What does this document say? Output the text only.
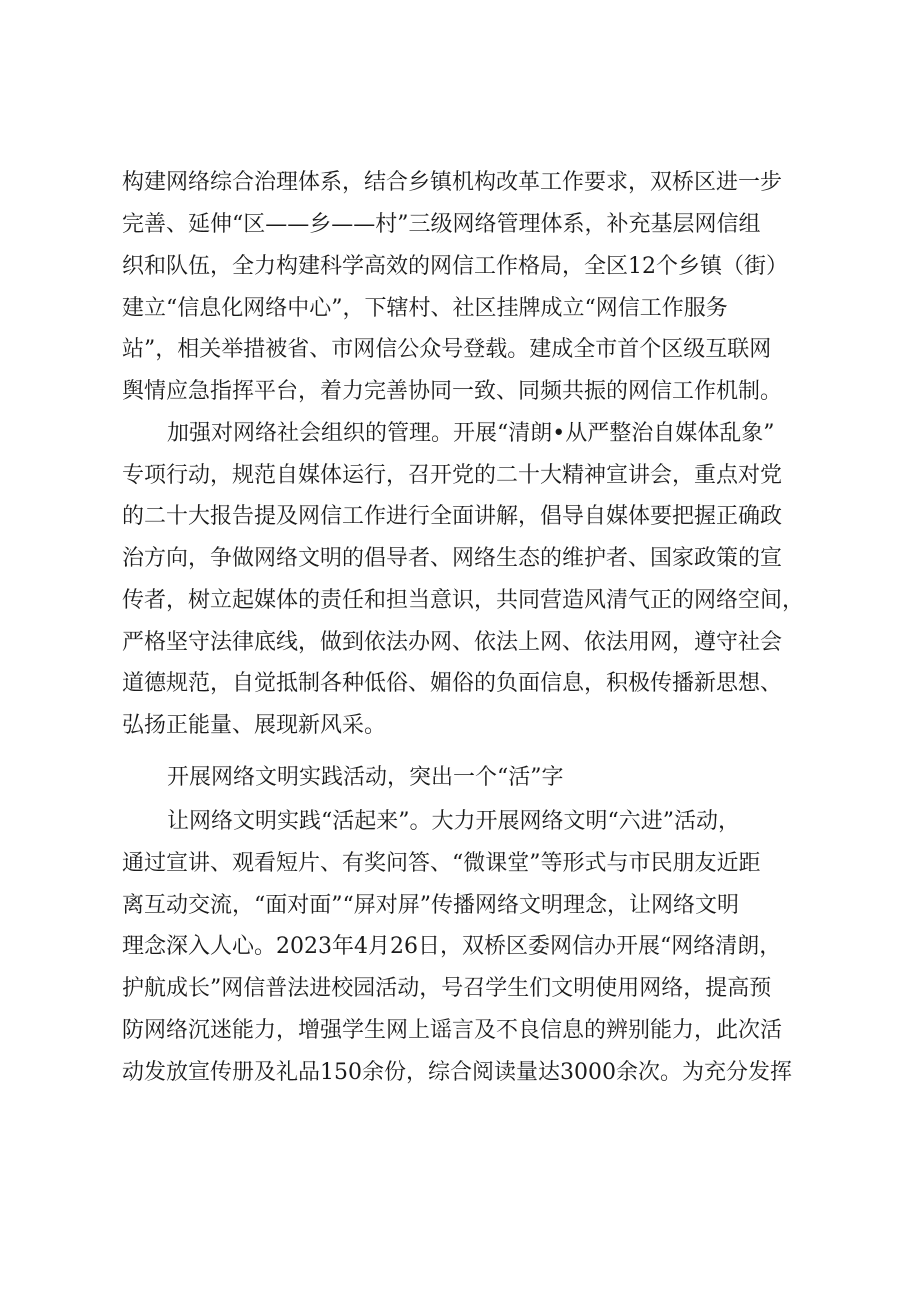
构建网络综合治理体系，结合乡镇机构改革工作要求，双桥区进一步
完善、延伸“区——乡——村”三级网络管理体系，补充基层网信组
织和队伍，全力构建科学高效的网信工作格局，全区12个乡镇（街）
建立“信息化网络中心”，下辖村、社区挂牌成立“网信工作服务
站”，相关举措被省、市网信公众号登载。建成全市首个区级互联网
舆情应急指挥平台，着力完善协同一致、同频共振的网信工作机制。
加强对网络社会组织的管理。开展“清朗•从严整治自媒体乱象”
专项行动，规范自媒体运行，召开党的二十大精神宣讲会，重点对党
的二十大报告提及网信工作进行全面讲解，倡导自媒体要把握正确政
治方向，争做网络文明的倡导者、网络生态的维护者、国家政策的宣
传者，树立起媒体的责任和担当意识，共同营造风清气正的网络空间，
严格坚守法律底线，做到依法办网、依法上网、依法用网，遵守社会
道德规范，自觉抵制各种低俗、媚俗的负面信息，积极传播新思想、
弘扬正能量、展现新风采。
开展网络文明实践活动，突出一个“活”字
让网络文明实践“活起来”。大力开展网络文明“六进”活动，
通过宣讲、观看短片、有奖问答、“微课堂”等形式与市民朋友近距
离互动交流，“面对面”“屏对屏”传播网络文明理念，让网络文明
理念深入人心。2023年4月26日，双桥区委网信办开展“网络清朗，
护航成长”网信普法进校园活动，号召学生们文明使用网络，提高预
防网络沉迷能力，增强学生网上谣言及不良信息的辨别能力，此次活
动发放宣传册及礼品150余份，综合阅读量达3000余次。为充分发挥
